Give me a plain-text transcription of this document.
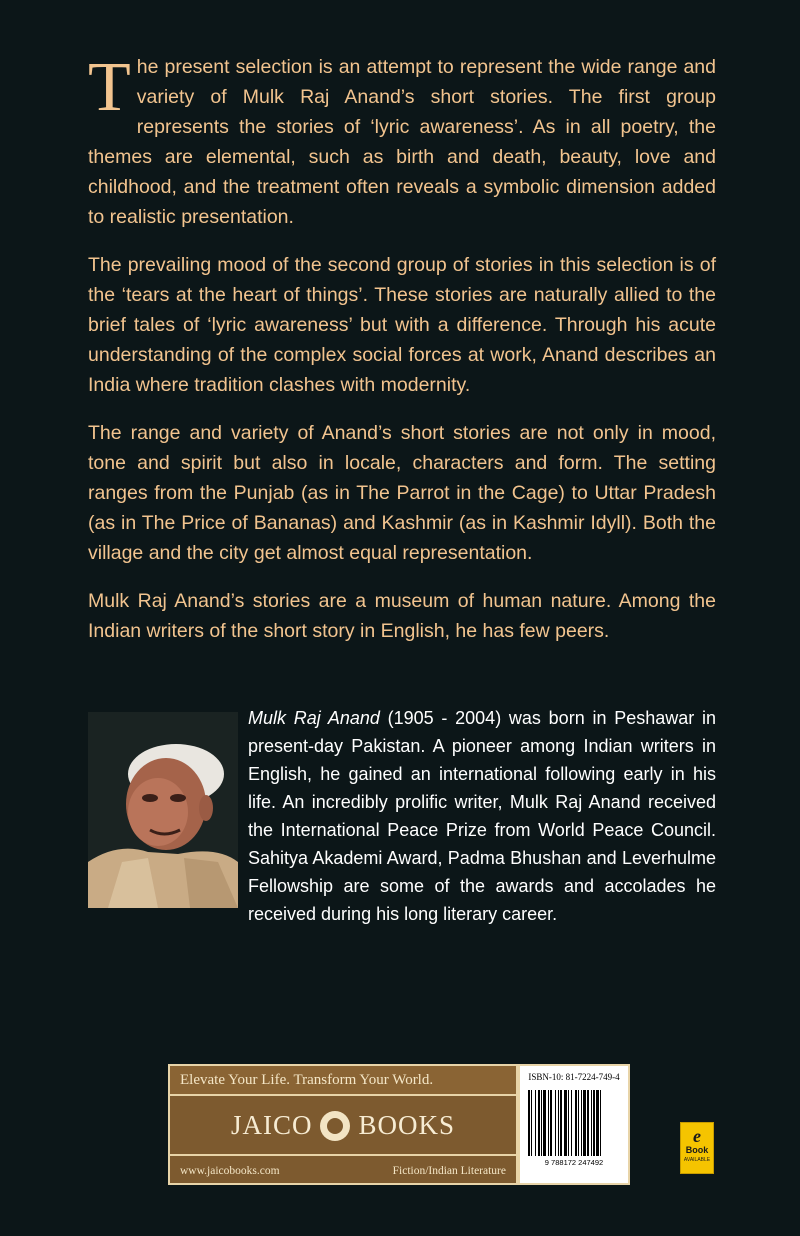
The present selection is an attempt to represent the wide range and variety of Mulk Raj Anand’s short stories. The first group represents the stories of ‘lyric awareness’. As in all poetry, the themes are elemental, such as birth and death, beauty, love and childhood, and the treatment often reveals a symbolic dimension added to realistic presentation.

The prevailing mood of the second group of stories in this selection is of the ‘tears at the heart of things’. These stories are naturally allied to the brief tales of ‘lyric awareness’ but with a difference. Through his acute understanding of the complex social forces at work, Anand describes an India where tradition clashes with modernity.

The range and variety of Anand’s short stories are not only in mood, tone and spirit but also in locale, characters and form. The setting ranges from the Punjab (as in The Parrot in the Cage) to Uttar Pradesh (as in The Price of Bananas) and Kashmir (as in Kashmir Idyll). Both the village and the city get almost equal representation.

Mulk Raj Anand’s stories are a museum of human nature. Among the Indian writers of the short story in English, he has few peers.

Mulk Raj Anand (1905 - 2004) was born in Peshawar in present-day Pakistan. A pioneer among Indian writers in English, he gained an international following early in his life. An incredibly prolific writer, Mulk Raj Anand received the International Peace Prize from World Peace Council. Sahitya Akademi Award, Padma Bhushan and Leverhulme Fellowship are some of the awards and accolades he received during his long literary career.
Elevate Your Life. Transform Your World.
JAICO BOOKS
www.jaicobooks.com	Fiction/Indian Literature
ISBN-10: 81-7224-749-4
9 788172 247492
e
Book
AVAILABLE
